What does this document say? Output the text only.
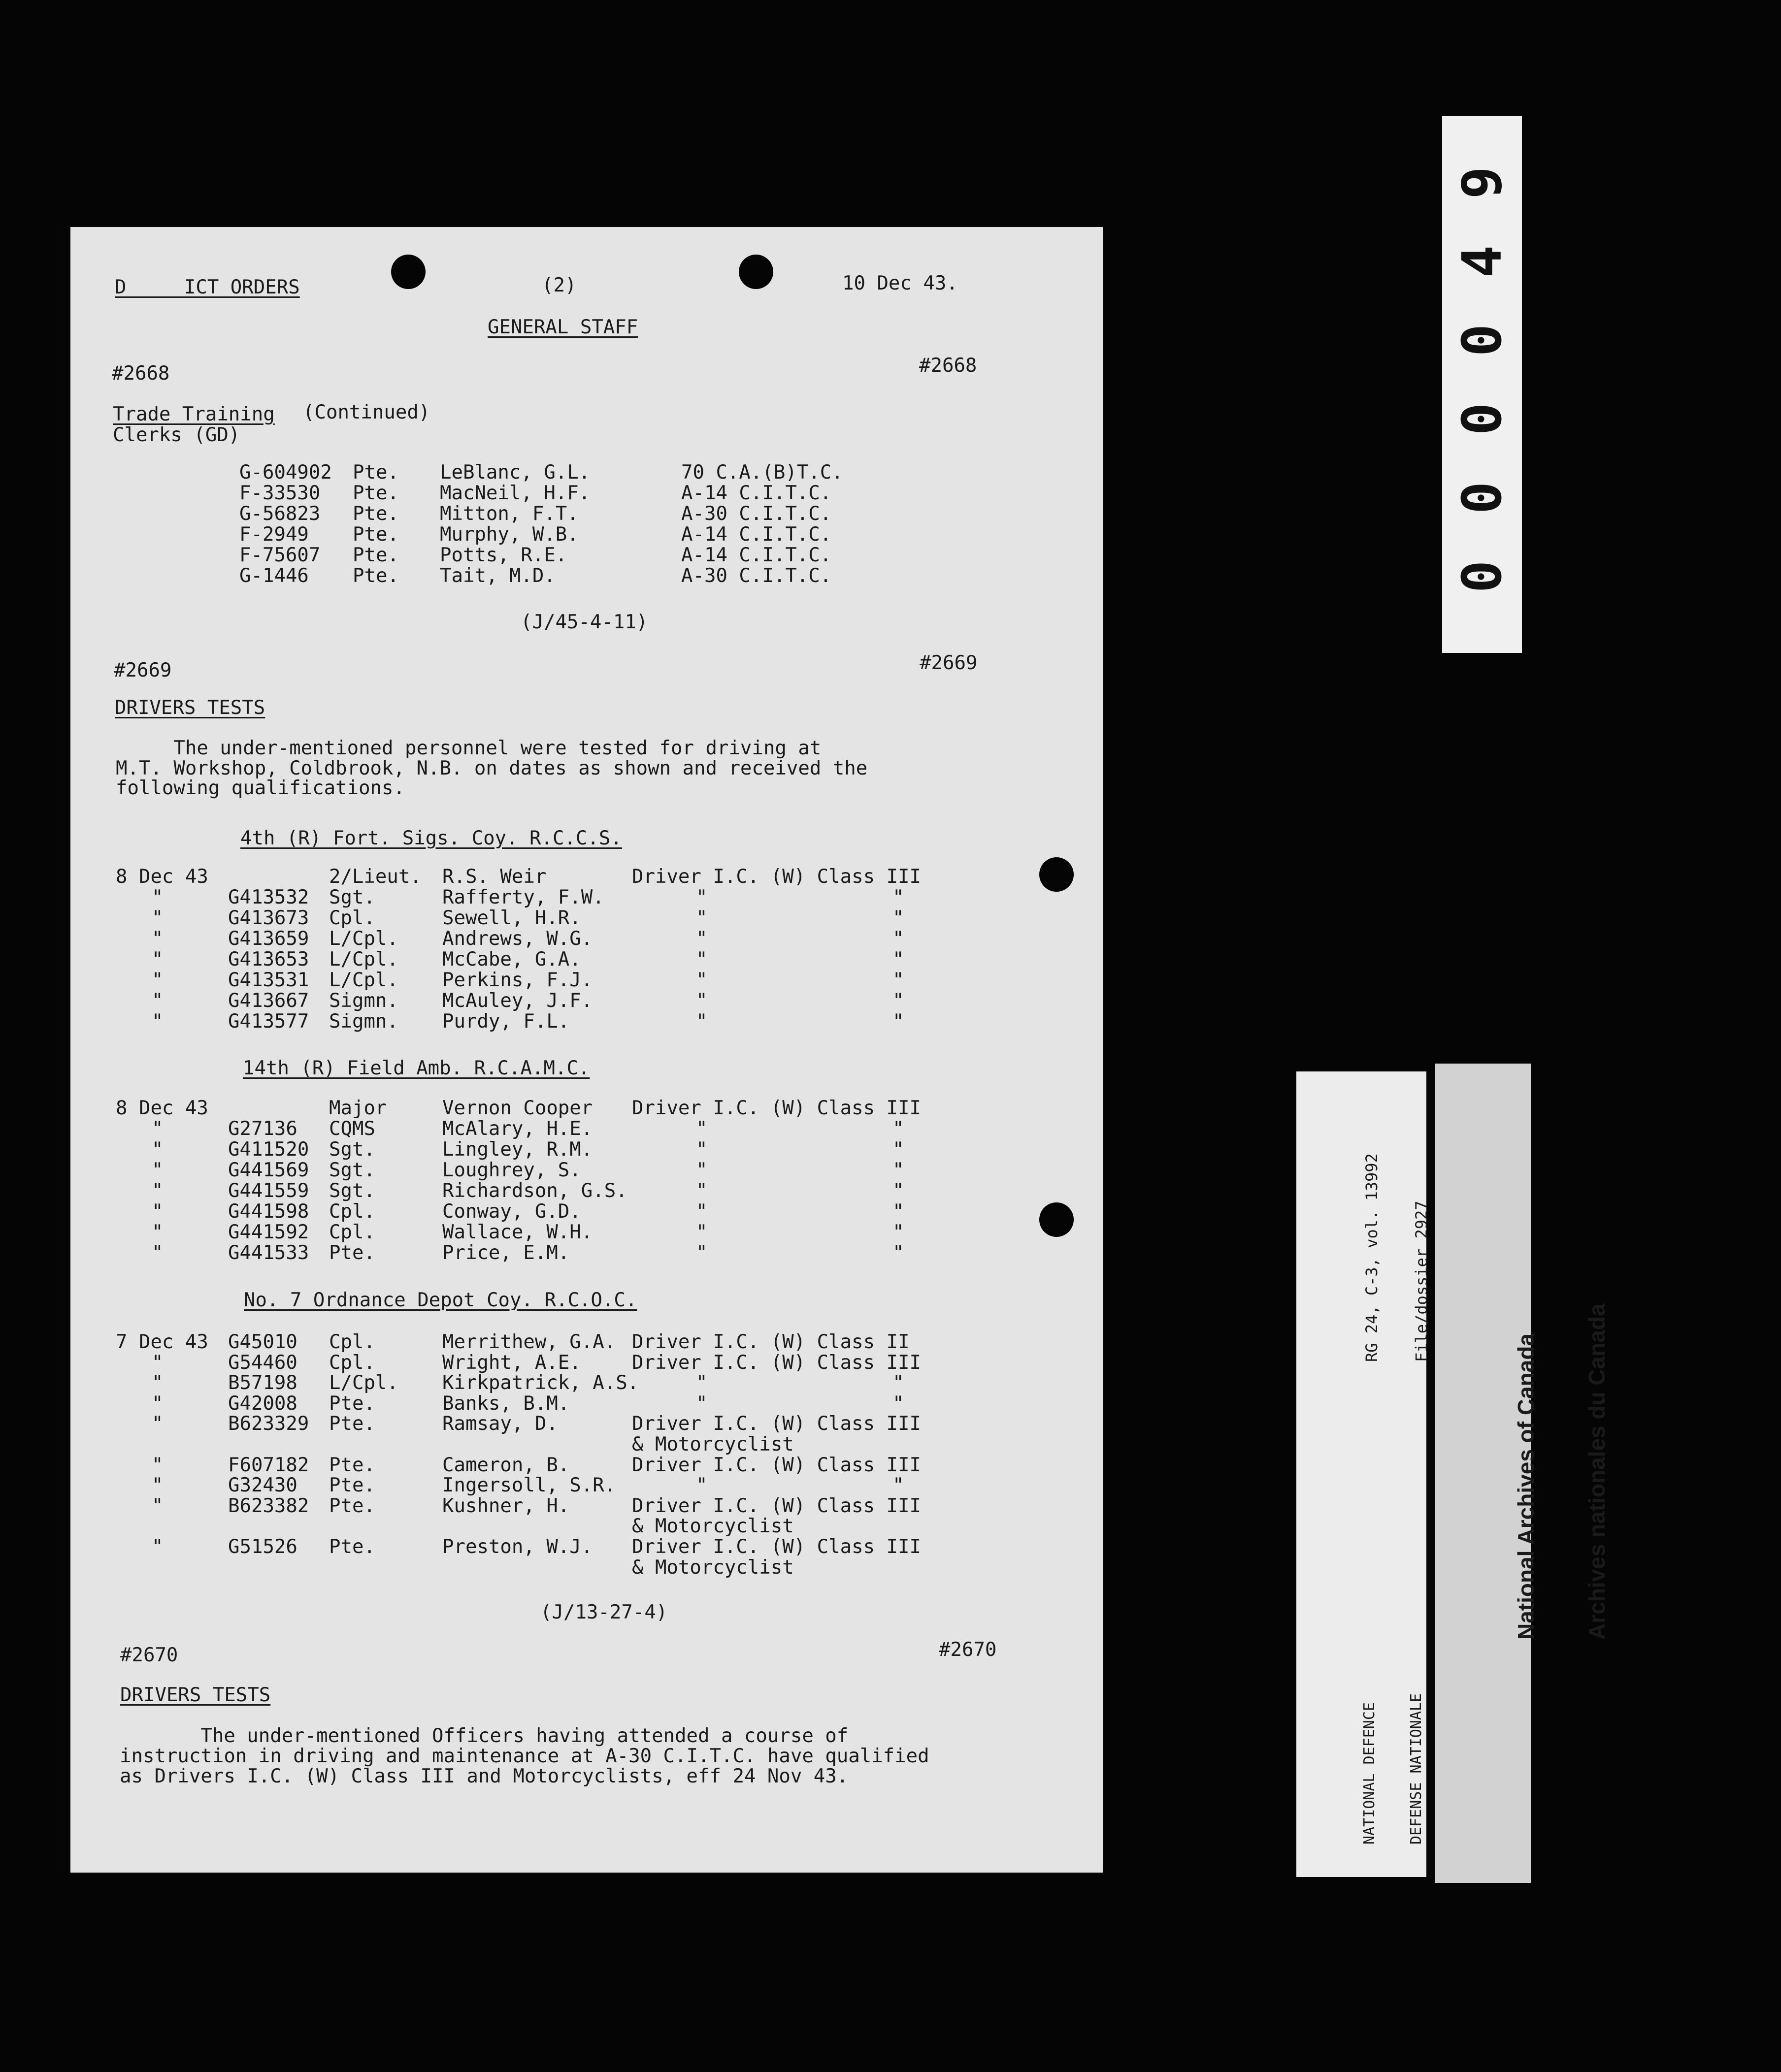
D     ICT ORDERS	(2)	10 Dec 43.
GENERAL STAFF
#2668	#2668
Trade Training (Continued)
Clerks (GD)
G-604902 Pte. LeBlanc, G.L.	70 C.A.(B)T.C.
F-33530 Pte. MacNeil, H.F.	A-14 C.I.T.C.
G-56823 Pte. Mitton, F.T.	A-30 C.I.T.C.
F-2949 Pte. Murphy, W.B.	A-14 C.I.T.C.
F-75607 Pte. Potts, R.E.	A-14 C.I.T.C.
G-1446 Pte. Tait, M.D.	A-30 C.I.T.C.
(J/45-4-11)
#2669	#2669
DRIVERS TESTS
The under-mentioned personnel were tested for driving at
M.T. Workshop, Coldbrook, N.B. on dates as shown and received the
following qualifications.
4th (R) Fort. Sigs. Coy. R.C.C.S.
8 Dec 43	2/Lieut. R.S. Weir	Driver I.C. (W) Class III
"	G413532 Sgt.	Rafferty, F.W.	"                "
"	G413673 Cpl.	Sewell, H.R.	"                "
"	G413659 L/Cpl. Andrews, W.G.	"                "
"	G413653 L/Cpl. McCabe, G.A.	"                "
"	G413531 L/Cpl. Perkins, F.J.	"                "
"	G413667 Sigmn. McAuley, J.F.	"                "
"	G413577 Sigmn. Purdy, F.L.	"                "
14th (R) Field Amb. R.C.A.M.C.
8 Dec 43	Major	Vernon Cooper Driver I.C. (W) Class III
"	G27136 CQMS	McAlary, H.E.	"                "
"	G411520 Sgt.	Lingley, R.M.	"                "
"	G441569 Sgt.	Loughrey, S.	"                "
"	G441559 Sgt.	Richardson, G.S.	"                "
"	G441598 Cpl.	Conway, G.D.	"                "
"	G441592 Cpl.	Wallace, W.H.	"                "
"	G441533 Pte.	Price, E.M.	"                "
No. 7 Ordnance Depot Coy. R.C.O.C.
7 Dec 43 G45010 Cpl.	Merrithew, G.A. Driver I.C. (W) Class II
"	G54460 Cpl.	Wright, A.E.	Driver I.C. (W) Class III
"	B57198 L/Cpl. Kirkpatrick, A.S.	"                "
"	G42008 Pte.	Banks, B.M.	"                "
"	B623329 Pte.	Ramsay, D.	Driver I.C. (W) Class III
& Motorcyclist
"	F607182 Pte.	Cameron, B.	Driver I.C. (W) Class III
"	G32430 Pte.	Ingersoll, S.R.	"                "
"	B623382 Pte.	Kushner, H.	Driver I.C. (W) Class III
& Motorcyclist
"	G51526 Pte.	Preston, W.J. Driver I.C. (W) Class III
& Motorcyclist
(J/13-27-4)
#2670	#2670
DRIVERS TESTS
The under-mentioned Officers having attended a course of
instruction in driving and maintenance at A-30 C.I.T.C. have qualified
as Drivers I.C. (W) Class III and Motorcyclists, eff 24 Nov 43.
0
0
0
0
4
9

RG 24, C-3, vol. 13992

File/dossier 2927

NATIONAL DEFENCE

DEFENSE NATIONALE

National Archives of Canada

Archives nationales du Canada
